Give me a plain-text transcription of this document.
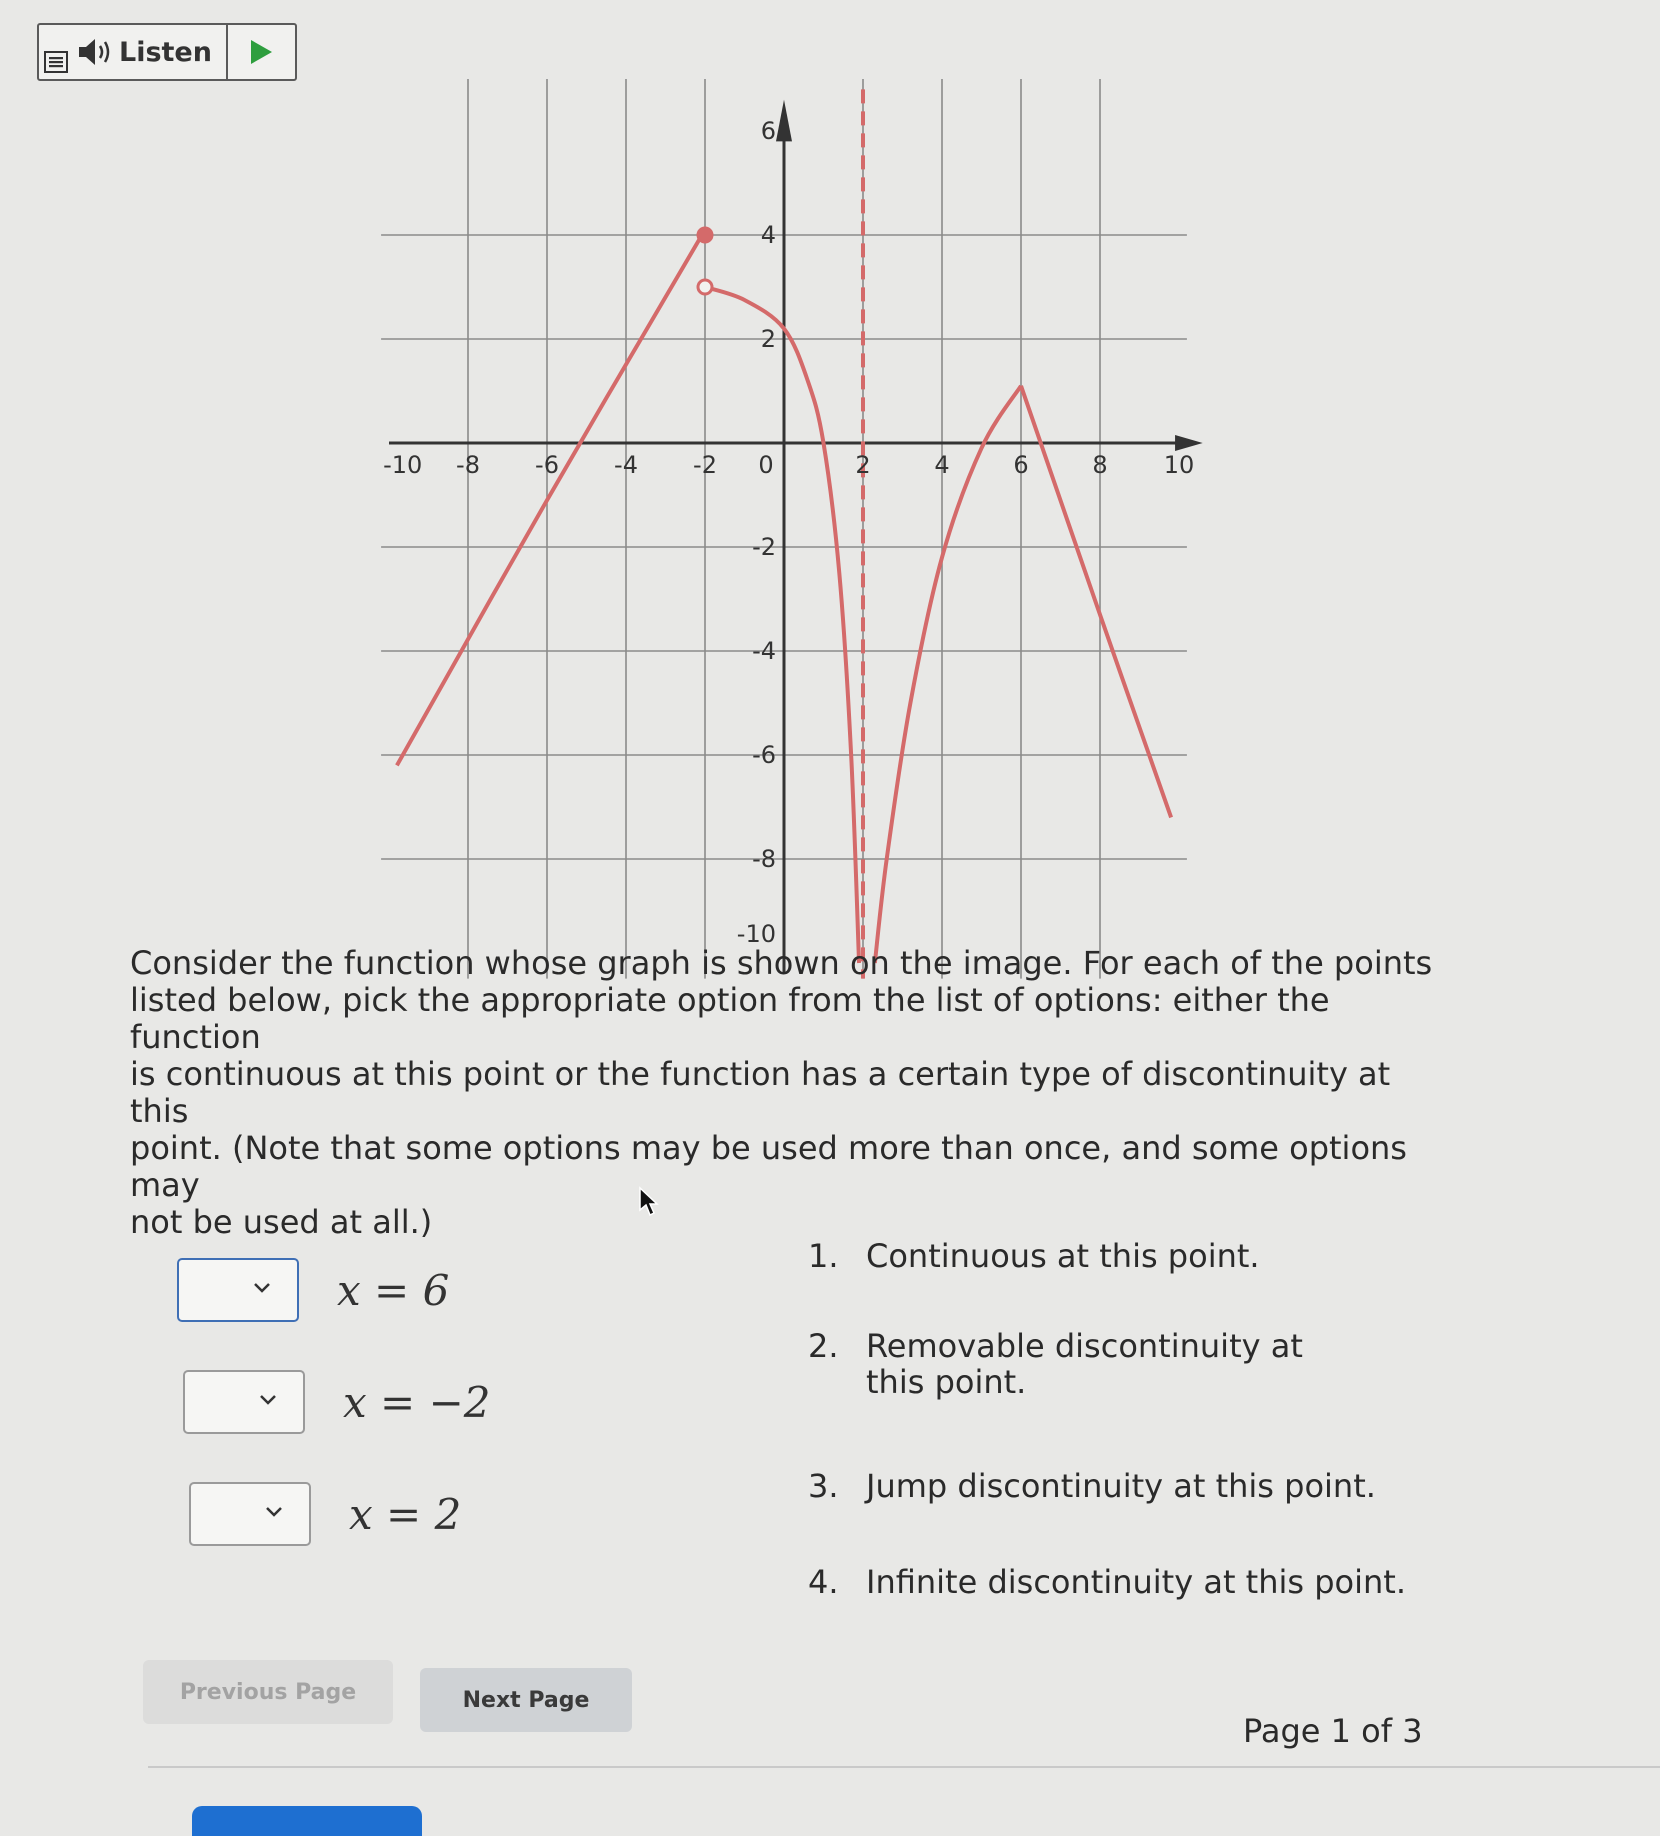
Listen
-10 -8 -6 -4 -2 0	2	4	6	8 10
6
4
2
-2
-4
-6
-8
-10
Consider the function whose graph is shown on the image. For each of the points
listed below, pick the appropriate option from the list of options: either the function
is continuous at this point or the function has a certain type of discontinuity at this
point. (Note that some options may be used more than once, and some options may
not be used at all.)
x = 6
x = −2
x = 2
1. Continuous at this point.
2. Removable discontinuity at this point.
3. Jump discontinuity at this point.
4. Infinite discontinuity at this point.
Previous Page	Next Page
Page 1 of 3
